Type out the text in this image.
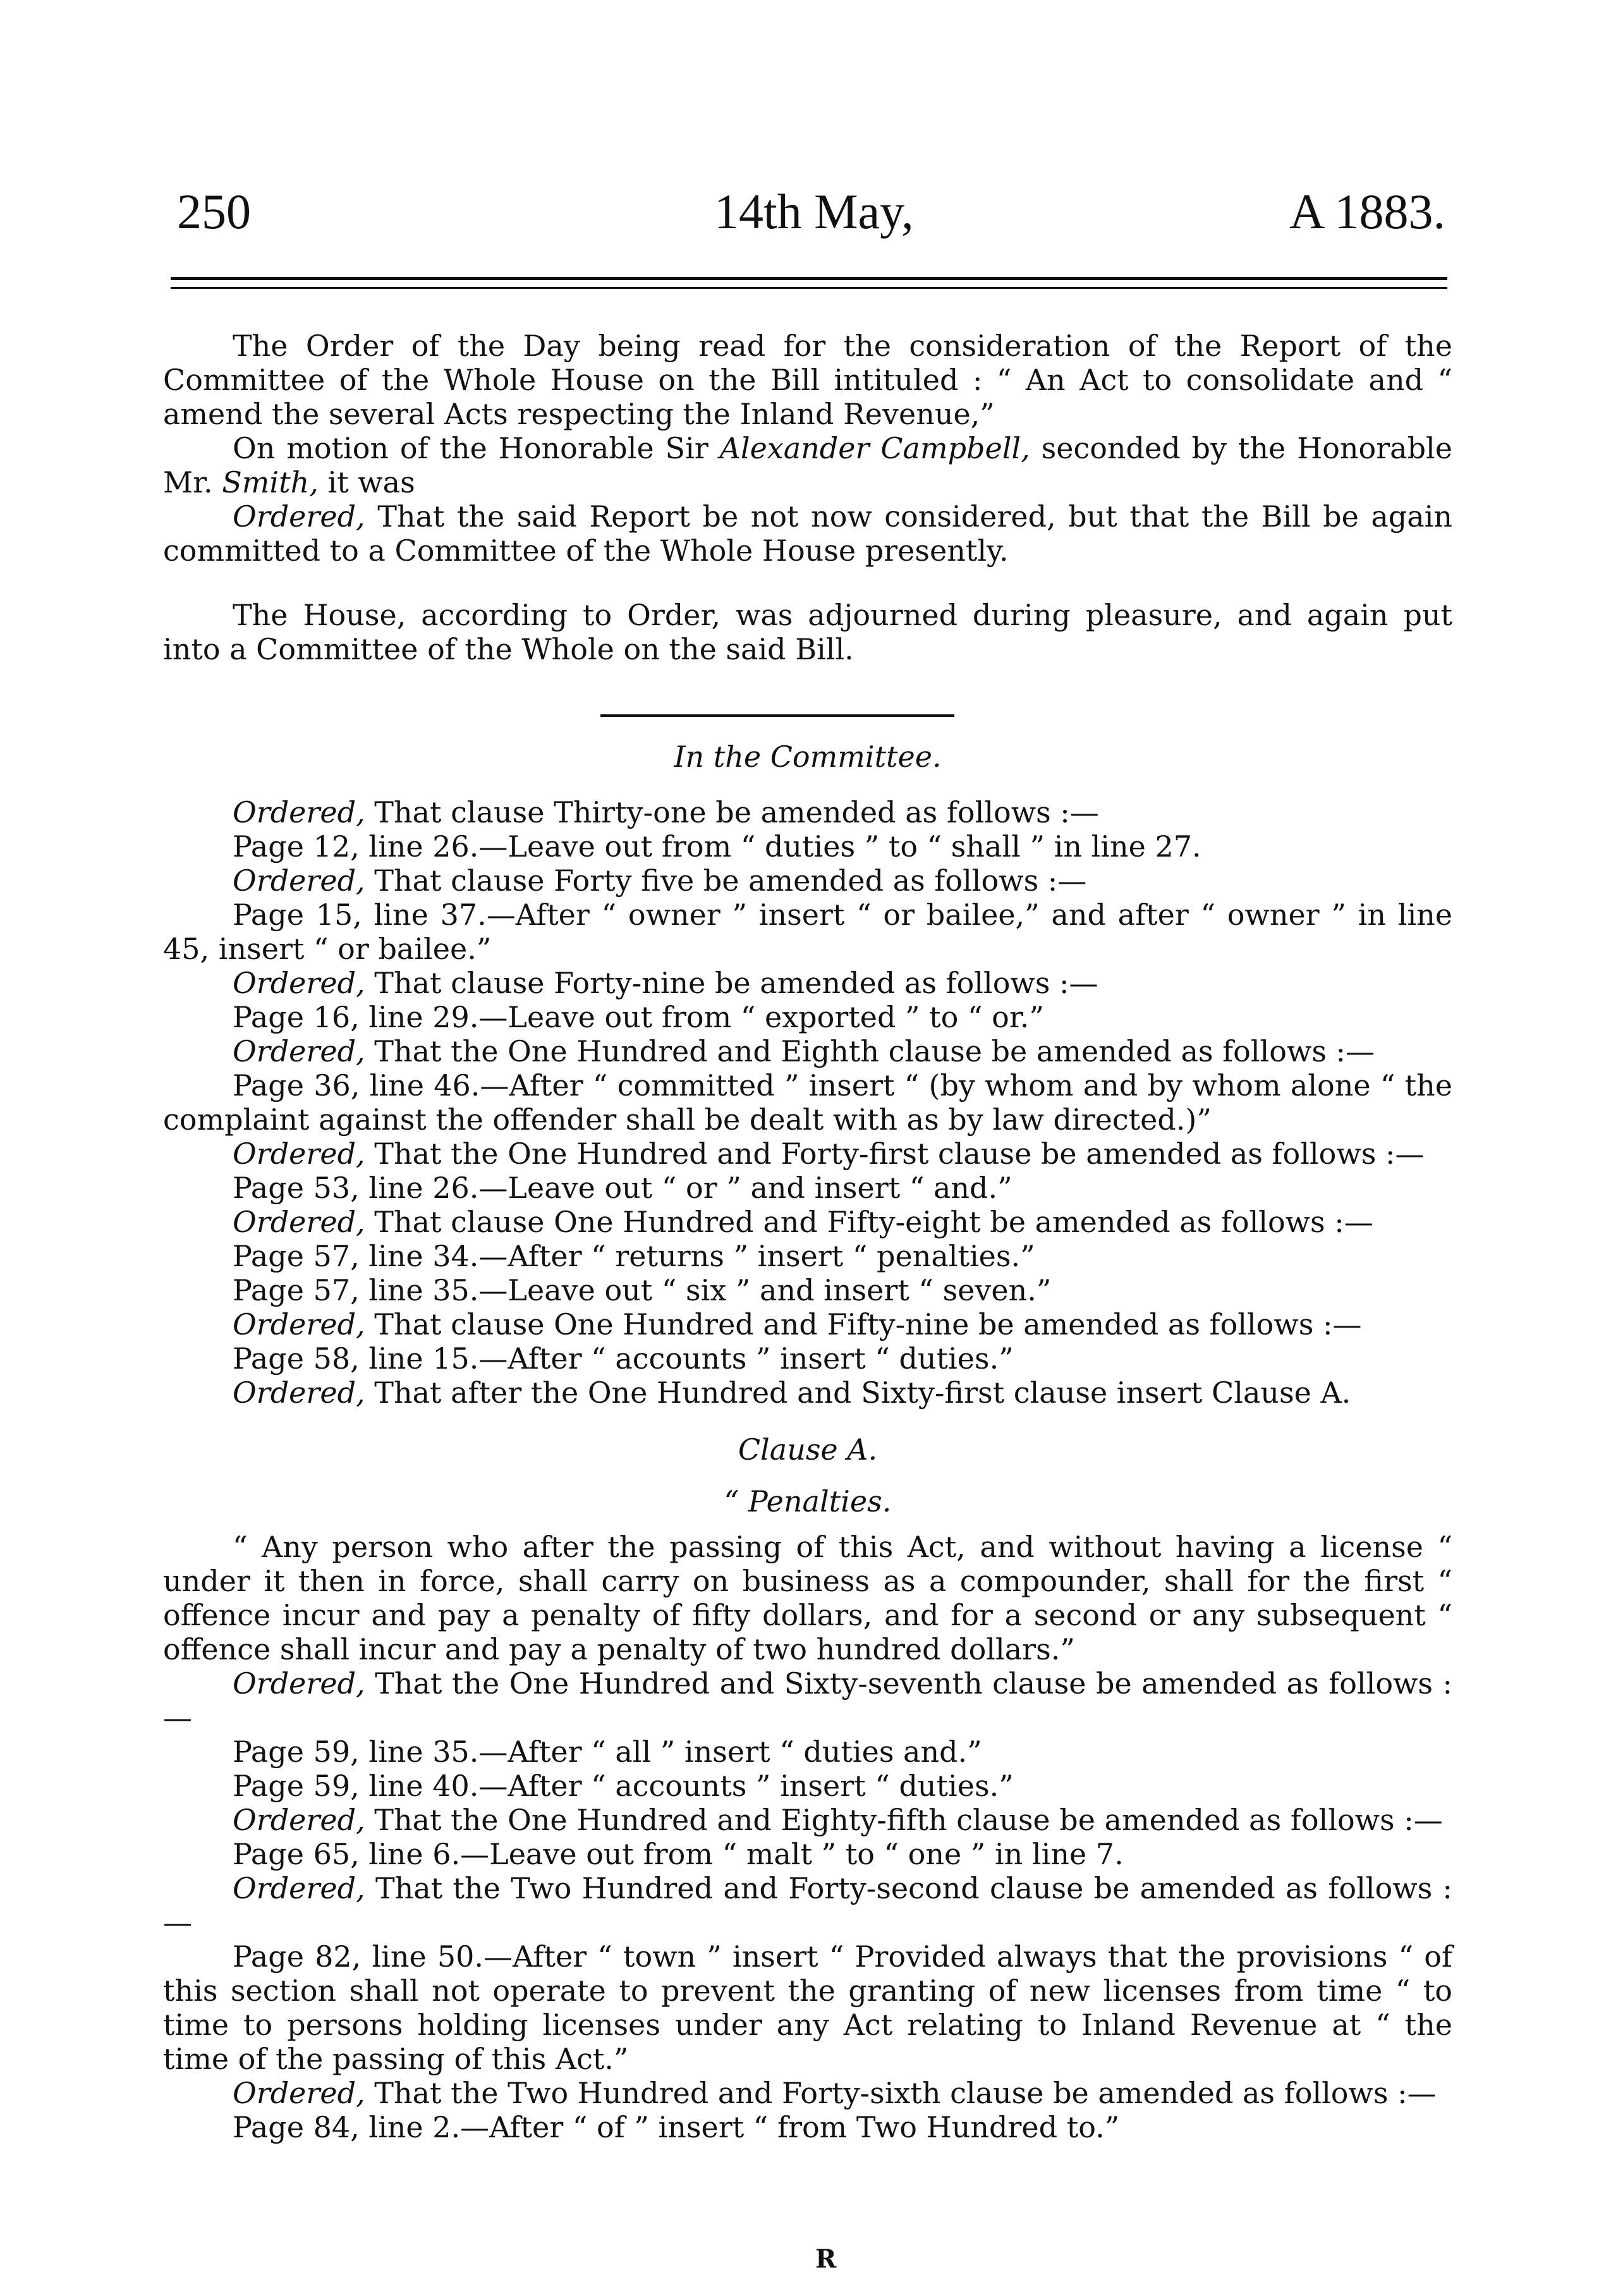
250	14th May,	A 1883.

The Order of the Day being read for the consideration of the Report of the Committee of the Whole House on the Bill intituled : “ An Act to consolidate and “ amend the several Acts respecting the Inland Revenue,”

On motion of the Honorable Sir Alexander Campbell, seconded by the Honorable Mr. Smith, it was

Ordered, That the said Report be not now considered, but that the Bill be again committed to a Committee of the Whole House presently.

The House, according to Order, was adjourned during pleasure, and again put into a Committee of the Whole on the said Bill.

In the Committee.

Ordered, That clause Thirty-one be amended as follows :—

Page 12, line 26.—Leave out from “ duties ” to “ shall ” in line 27.

Ordered, That clause Forty five be amended as follows :—

Page 15, line 37.—After “ owner ” insert “ or bailee,” and after “ owner ” in line 45, insert “ or bailee.”

Ordered, That clause Forty-nine be amended as follows :—

Page 16, line 29.—Leave out from “ exported ” to “ or.”

Ordered, That the One Hundred and Eighth clause be amended as follows :—

Page 36, line 46.—After “ committed ” insert “ (by whom and by whom alone “ the complaint against the offender shall be dealt with as by law directed.)”

Ordered, That the One Hundred and Forty-first clause be amended as follows :—

Page 53, line 26.—Leave out “ or ” and insert “ and.”

Ordered, That clause One Hundred and Fifty-eight be amended as follows :—

Page 57, line 34.—After “ returns ” insert “ penalties.”

Page 57, line 35.—Leave out “ six ” and insert “ seven.”

Ordered, That clause One Hundred and Fifty-nine be amended as follows :—

Page 58, line 15.—After “ accounts ” insert “ duties.”

Ordered, That after the One Hundred and Sixty-first clause insert Clause A.

Clause A.

“ Penalties.

“ Any person who after the passing of this Act, and without having a license “ under it then in force, shall carry on business as a compounder, shall for the first “ offence incur and pay a penalty of fifty dollars, and for a second or any subsequent “ offence shall incur and pay a penalty of two hundred dollars.”

Ordered, That the One Hundred and Sixty-seventh clause be amended as follows :—

Page 59, line 35.—After “ all ” insert “ duties and.”

Page 59, line 40.—After “ accounts ” insert “ duties.”

Ordered, That the One Hundred and Eighty-fifth clause be amended as follows :—

Page 65, line 6.—Leave out from “ malt ” to “ one ” in line 7.

Ordered, That the Two Hundred and Forty-second clause be amended as follows :—

Page 82, line 50.—After “ town ” insert “ Provided always that the provisions “ of this section shall not operate to prevent the granting of new licenses from time “ to time to persons holding licenses under any Act relating to Inland Revenue at “ the time of the passing of this Act.”

Ordered, That the Two Hundred and Forty-sixth clause be amended as follows :—

Page 84, line 2.—After “ of ” insert “ from Two Hundred to.”

R
